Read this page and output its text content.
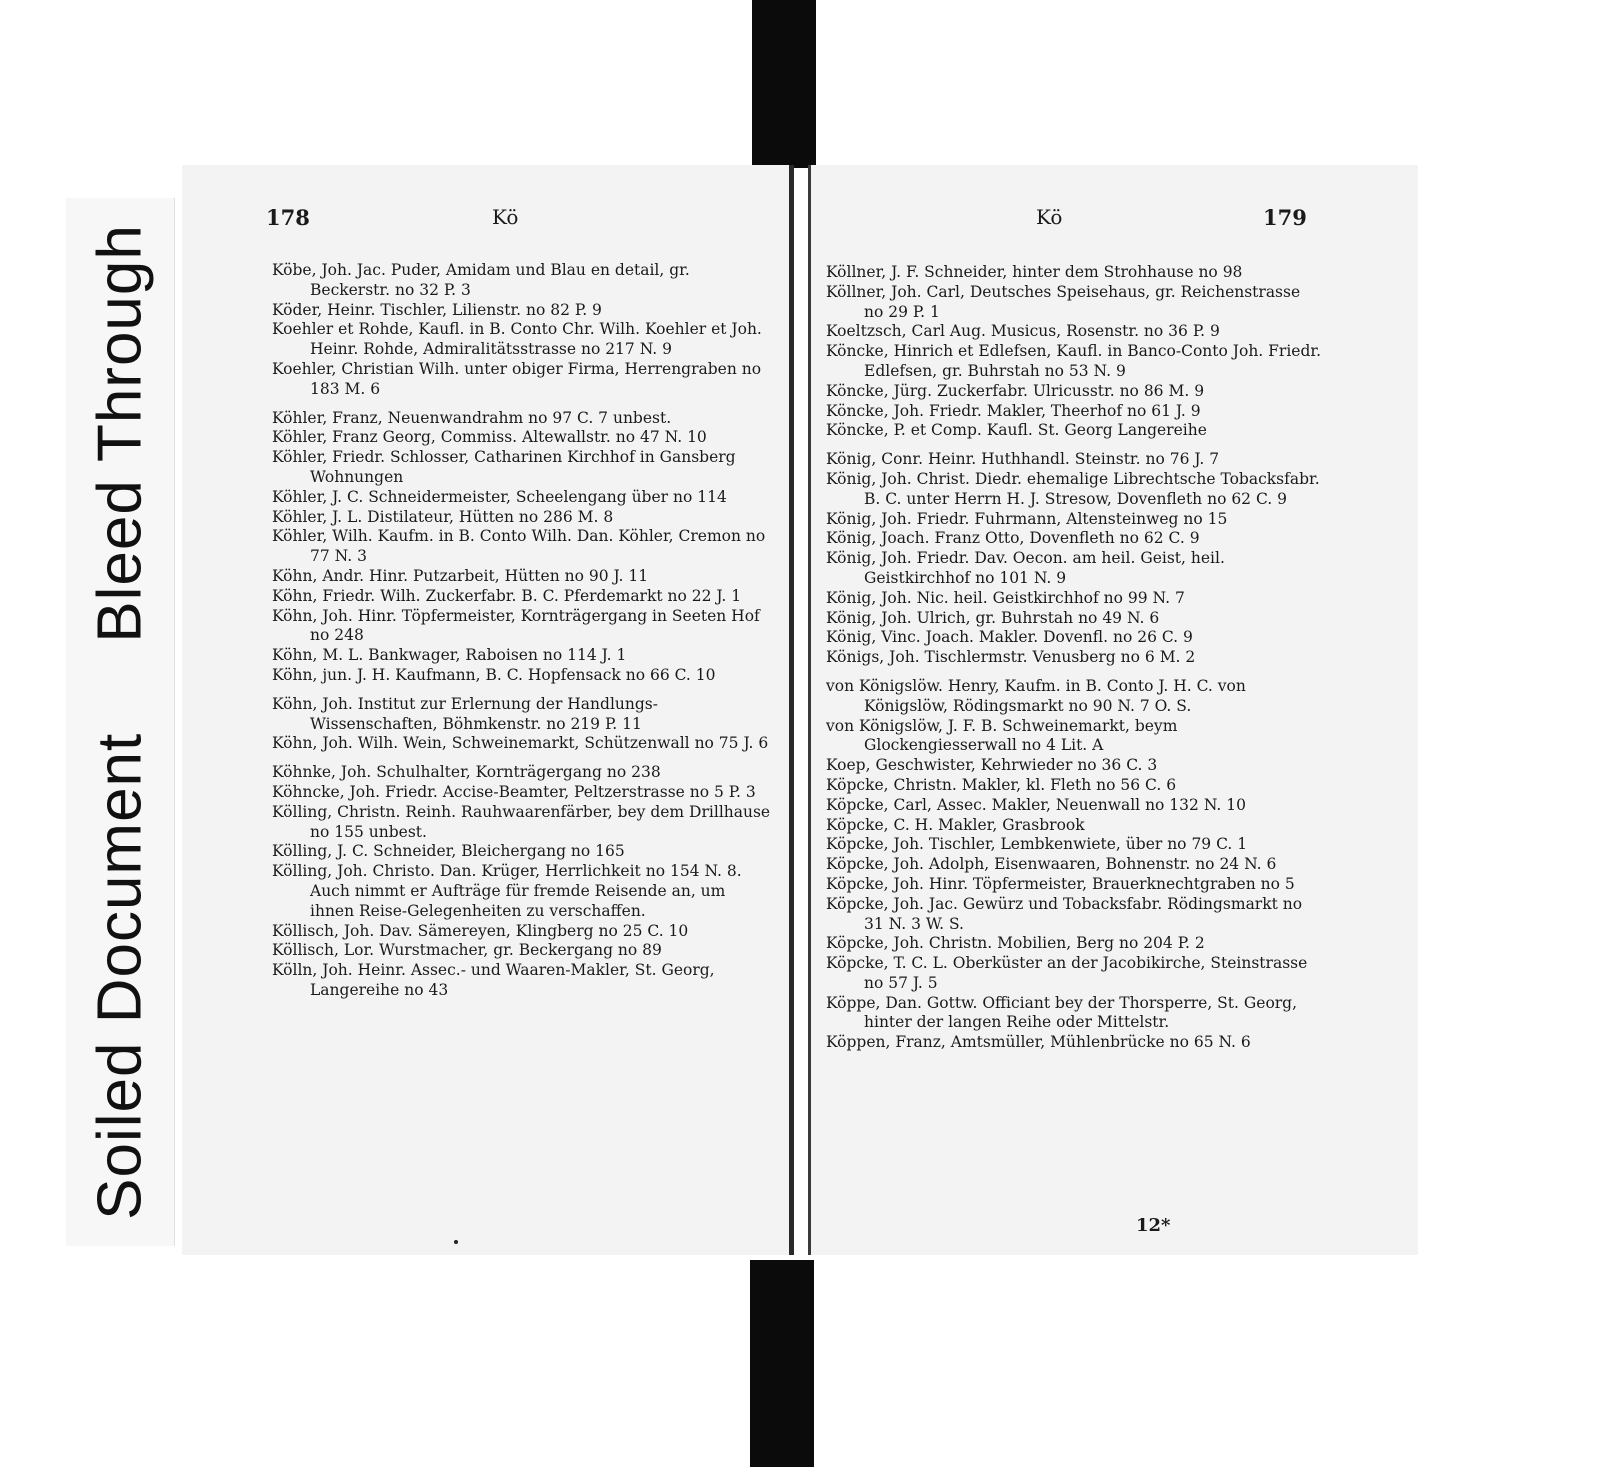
Soiled DocumentBleed Through
178	Kö
Köbe, Joh. Jac. Puder, Amidam und Blau en detail, gr. Beckerstr. no 32 P. 3
Köder, Heinr. Tischler, Lilienstr. no 82 P. 9
Koehler et Rohde, Kaufl. in B. Conto Chr. Wilh. Koehler et Joh. Heinr. Rohde, Admiralitätsstrasse no 217 N. 9
Koehler, Christian Wilh. unter obiger Firma, Herrengraben no 183 M. 6
Köhler, Franz, Neuenwandrahm no 97 C. 7 unbest.
Köhler, Franz Georg, Commiss. Altewallstr. no 47 N. 10
Köhler, Friedr. Schlosser, Catharinen Kirchhof in Gansberg Wohnungen
Köhler, J. C. Schneidermeister, Scheelengang über no 114
Köhler, J. L. Distilateur, Hütten no 286 M. 8
Köhler, Wilh. Kaufm. in B. Conto Wilh. Dan. Köhler, Cremon no 77 N. 3
Köhn, Andr. Hinr. Putzarbeit, Hütten no 90 J. 11
Köhn, Friedr. Wilh. Zuckerfabr. B. C. Pferdemarkt no 22 J. 1
Köhn, Joh. Hinr. Töpfermeister, Kornträgergang in Seeten Hof no 248
Köhn, M. L. Bankwager, Raboisen no 114 J. 1
Köhn, jun. J. H. Kaufmann, B. C. Hopfensack no 66 C. 10
Köhn, Joh. Institut zur Erlernung der Handlungs-Wissenschaften, Böhmkenstr. no 219 P. 11
Köhn, Joh. Wilh. Wein, Schweinemarkt, Schützenwall no 75 J. 6
Köhnke, Joh. Schulhalter, Kornträgergang no 238
Köhncke, Joh. Friedr. Accise-Beamter, Peltzerstrasse no 5 P. 3
Kölling, Christn. Reinh. Rauhwaarenfärber, bey dem Drillhause no 155 unbest.
Kölling, J. C. Schneider, Bleichergang no 165
Kölling, Joh. Christo. Dan. Krüger, Herrlichkeit no 154 N. 8. Auch nimmt er Aufträge für fremde Reisende an, um ihnen Reise-Gelegenheiten zu verschaffen.
Köllisch, Joh. Dav. Sämereyen, Klingberg no 25 C. 10
Köllisch, Lor. Wurstmacher, gr. Beckergang no 89
Kölln, Joh. Heinr. Assec.- und Waaren-Makler, St. Georg, Langereihe no 43
Kö	179
Köllner, J. F. Schneider, hinter dem Strohhause no 98
Köllner, Joh. Carl, Deutsches Speisehaus, gr. Reichenstrasse no 29 P. 1
Koeltzsch, Carl Aug. Musicus, Rosenstr. no 36 P. 9
Köncke, Hinrich et Edlefsen, Kaufl. in Banco-Conto Joh. Friedr. Edlefsen, gr. Buhrstah no 53 N. 9
Köncke, Jürg. Zuckerfabr. Ulricusstr. no 86 M. 9
Köncke, Joh. Friedr. Makler, Theerhof no 61 J. 9
Köncke, P. et Comp. Kaufl. St. Georg Langereihe
König, Conr. Heinr. Huthhandl. Steinstr. no 76 J. 7
König, Joh. Christ. Diedr. ehemalige Librechtsche Tobacksfabr. B. C. unter Herrn H. J. Stresow, Dovenfleth no 62 C. 9
König, Joh. Friedr. Fuhrmann, Altensteinweg no 15
König, Joach. Franz Otto, Dovenfleth no 62 C. 9
König, Joh. Friedr. Dav. Oecon. am heil. Geist, heil. Geistkirchhof no 101 N. 9
König, Joh. Nic. heil. Geistkirchhof no 99 N. 7
König, Joh. Ulrich, gr. Buhrstah no 49 N. 6
König, Vinc. Joach. Makler. Dovenfl. no 26 C. 9
Königs, Joh. Tischlermstr. Venusberg no 6 M. 2
von Königslöw. Henry, Kaufm. in B. Conto J. H. C. von Königslöw, Rödingsmarkt no 90 N. 7 O. S.
von Königslöw, J. F. B. Schweinemarkt, beym Glockengiesserwall no 4 Lit. A
Koep, Geschwister, Kehrwieder no 36 C. 3
Köpcke, Christn. Makler, kl. Fleth no 56 C. 6
Köpcke, Carl, Assec. Makler, Neuenwall no 132 N. 10
Köpcke, C. H. Makler, Grasbrook
Köpcke, Joh. Tischler, Lembkenwiete, über no 79 C. 1
Köpcke, Joh. Adolph, Eisenwaaren, Bohnenstr. no 24 N. 6
Köpcke, Joh. Hinr. Töpfermeister, Brauerknechtgraben no 5
Köpcke, Joh. Jac. Gewürz und Tobacksfabr. Rödingsmarkt no 31 N. 3 W. S.
Köpcke, Joh. Christn. Mobilien, Berg no 204 P. 2
Köpcke, T. C. L. Oberküster an der Jacobikirche, Steinstrasse no 57 J. 5
Köppe, Dan. Gottw. Officiant bey der Thorsperre, St. Georg, hinter der langen Reihe oder Mittelstr.
Köppen, Franz, Amtsmüller, Mühlenbrücke no 65 N. 6
12*
